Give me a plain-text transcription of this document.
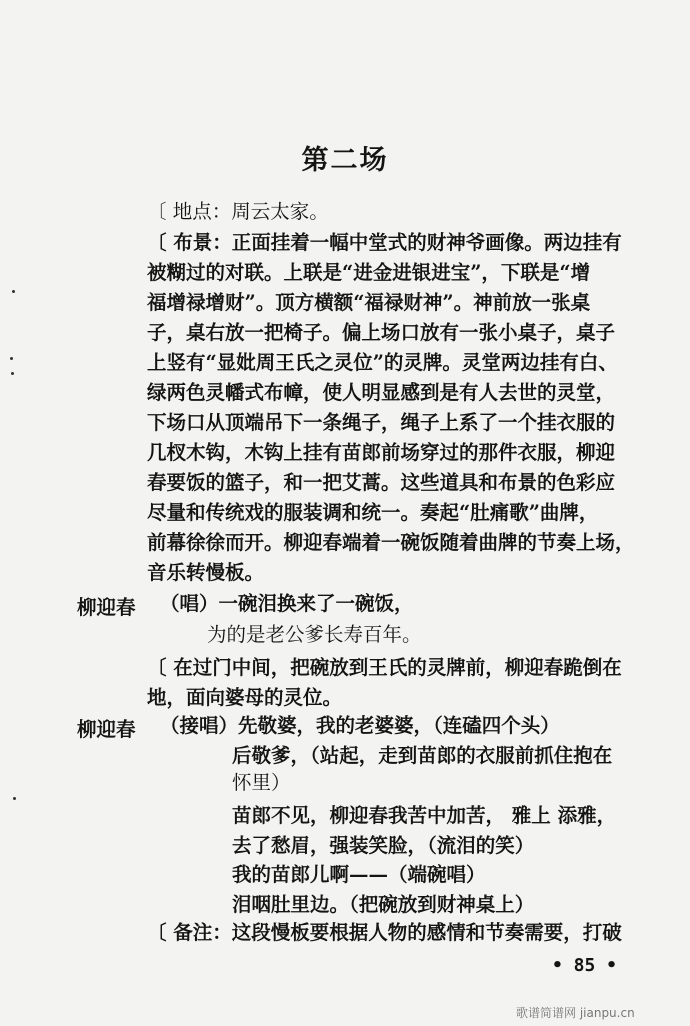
第二场
〔 地点：周云太家。
〔 布景：正面挂着一幅中堂式的财神爷画像。两边挂有
被糊过的对联。上联是“进金进银进宝”，下联是“增
福增禄增财”。顶方横额“福禄财神”。神前放一张桌
子，桌右放一把椅子。偏上场口放有一张小桌子，桌子
上竖有“显妣周王氏之灵位”的灵牌。灵堂两边挂有白、
绿两色灵幡式布幛，使人明显感到是有人去世的灵堂，
下场口从顶端吊下一条绳子，绳子上系了一个挂衣服的
几杈木钩，木钩上挂有苗郎前场穿过的那件衣服，柳迎
春要饭的篮子，和一把艾蒿。这些道具和布景的色彩应
尽量和传统戏的服装调和统一。奏起“肚痛歌”曲牌，
前幕徐徐而开。柳迎春端着一碗饭随着曲牌的节奏上场，
音乐转慢板。
柳迎春 （唱）一碗泪换来了一碗饭，
为的是老公爹长寿百年。
〔 在过门中间，把碗放到王氏的灵牌前，柳迎春跪倒在
地，面向婆母的灵位。
柳迎春 （接唱）先敬婆，我的老婆婆，（连磕四个头）
后敬爹，（站起，走到苗郎的衣服前抓住抱在
怀里）
苗郎不见，柳迎春我苦中加苦， 雅上 添雅，
去了愁眉，强装笑脸，（流泪的笑）
我的苗郎儿啊——（端碗唱）
泪咽肚里边。（把碗放到财神桌上）
〔 备注：这段慢板要根据人物的感情和节奏需要，打破
• 85 •
歌谱简谱网 jianpu.cn
